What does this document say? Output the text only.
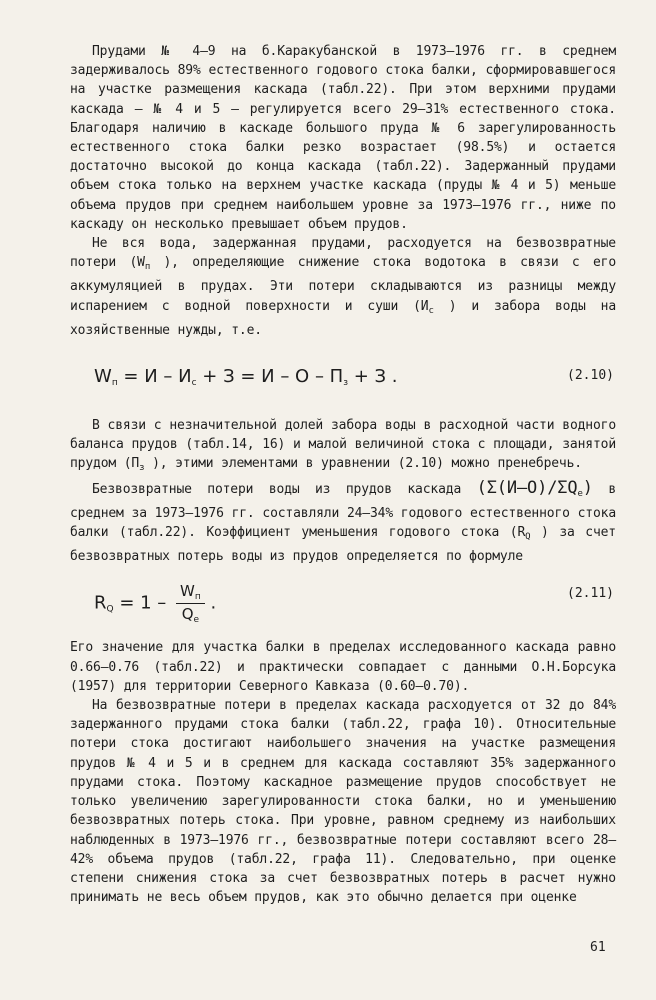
Прудами № 4–9 на б.Каракубанской в 1973–1976 гг. в среднем задерживалось 89% естественного годового стока балки, сформировавшегося на участке размещения каскада (табл.22). При этом верхними прудами каскада – № 4 и 5 – регулируется всего 29–31% естественного стока. Благодаря наличию в каскаде большого пруда № 6 зарегулированность естественного стока балки резко возрастает (98.5%) и остается достаточно высокой до конца каскада (табл.22). Задержанный прудами объем стока только на верхнем участке каскада (пруды № 4 и 5) меньше объема прудов при среднем наибольшем уровне за 1973–1976 гг., ниже по каскаду он несколько превышает объем прудов.

Не вся вода, задержанная прудами, расходуется на безвозвратные потери ($W_п$ ), определяющие снижение стока водотока в связи с его аккумуляцией в прудах. Эти потери складываются из разницы между испарением с водной поверхности и суши ($И_с$ ) и забора воды на хозяйственные нужды, т.е.

$W_п = И - И_с + З = И - О - П_з + З$ .	(2.10)

В связи с незначительной долей забора воды в расходной части водного баланса прудов (табл.14, 16) и малой величиной стока с площади, занятой прудом ($П_з$ ), этими элементами в уравнении (2.10) можно пренебречь.

Безвозвратные потери воды из прудов каскада $(\Sigma(И-О)/\Sigma Q_е)$ в среднем за 1973–1976 гг. составляли 24–34% годового естественного стока балки (табл.22). Коэффициент уменьшения годового стока ($R_Q$ ) за счет безвозвратных потерь воды из прудов определяется по формуле

$R_Q = 1 - \frac{W_п}{Q_е}$ .	(2.11)

Его значение для участка балки в пределах исследованного каскада равно 0.66–0.76 (табл.22) и практически совпадает с данными О.Н.Борсука (1957) для территории Северного Кавказа (0.60–0.70).

На безвозвратные потери в пределах каскада расходуется от 32 до 84% задержанного прудами стока балки (табл.22, графа 10). Относительные потери стока достигают наибольшего значения на участке размещения прудов № 4 и 5 и в среднем для каскада составляют 35% задержанного прудами стока. Поэтому каскадное размещение прудов способствует не только увеличению зарегулированности стока балки, но и уменьшению безвозвратных потерь стока. При уровне, равном среднему из наибольших наблюденных в 1973–1976 гг., безвозвратные потери составляют всего 28–42% объема прудов (табл.22, графа 11). Следовательно, при оценке степени снижения стока за счет безвозвратных потерь в расчет нужно принимать не весь объем прудов, как это обычно делается при оценке

61
